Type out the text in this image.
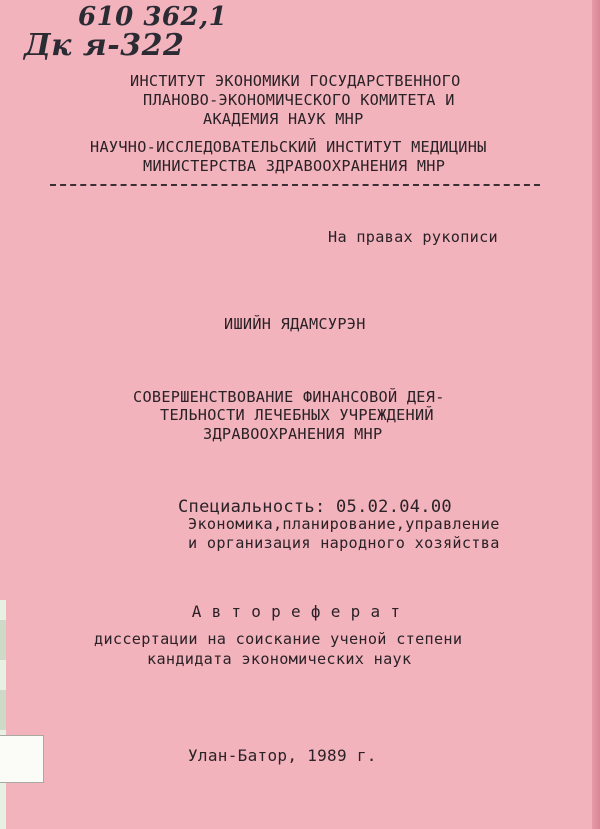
610 362,1
Дк я-322
ИНСТИТУТ ЭКОНОМИКИ ГОСУДАРСТВЕННОГО
ПЛАНОВО-ЭКОНОМИЧЕСКОГО КОМИТЕТА И
АКАДЕМИЯ НАУК МНР
НАУЧНО-ИССЛЕДОВАТЕЛЬСКИЙ ИНСТИТУТ МЕДИЦИНЫ
МИНИСТЕРСТВА ЗДРАВООХРАНЕНИЯ МНР
На правах рукописи
ИШИЙН ЯДАМСУРЭН
СОВЕРШЕНСТВОВАНИЕ ФИНАНСОВОЙ ДЕЯ-
ТЕЛЬНОСТИ ЛЕЧЕБНЫХ УЧРЕЖДЕНИЙ
ЗДРАВООХРАНЕНИЯ МНР
Специальность: 05.02.04.00
Экономика,планирование,управление
и организация народного хозяйства
А в т о р е ф е р а т
диссертации на соискание ученой степени
кандидата экономических наук
Улан-Батор, 1989 г.
